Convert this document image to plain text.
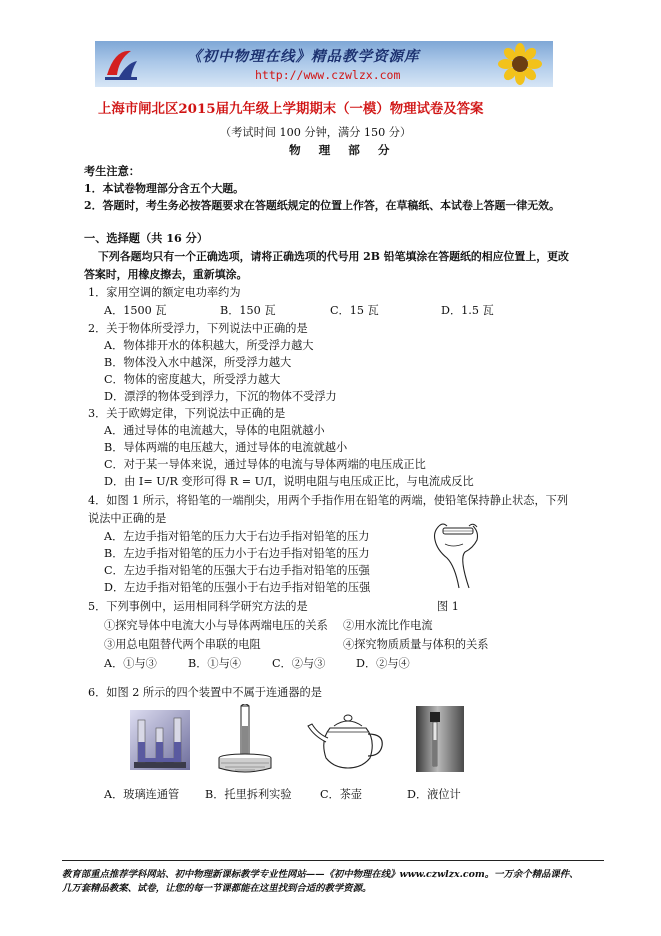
《初中物理在线》精品教学资源库
http://www.czwlzx.com
上海市闸北区2015届九年级上学期期末（一模）物理试卷及答案
（考试时间 100 分钟，满分 150 分）
物 理 部 分
考生注意：
1．本试卷物理部分含五个大题。
2．答题时，考生务必按答题要求在答题纸规定的位置上作答，在草稿纸、本试卷上答题一律无效。
一、选择题（共 16 分）
下列各题均只有一个正确选项，请将正确选项的代号用 2B 铅笔填涂在答题纸的相应位置上，更改
答案时，用橡皮擦去，重新填涂。
1．家用空调的额定电功率约为
A．1500 瓦	B．150 瓦	C．15 瓦	D．1.5 瓦
2．关于物体所受浮力，下列说法中正确的是
A．物体排开水的体积越大，所受浮力越大
B．物体没入水中越深，所受浮力越大
C．物体的密度越大，所受浮力越大
D．漂浮的物体受到浮力，下沉的物体不受浮力
3．关于欧姆定律，下列说法中正确的是
A．通过导体的电流越大，导体的电阻就越小
B．导体两端的电压越大，通过导体的电流就越小
C．对于某一导体来说，通过导体的电流与导体两端的电压成正比
D．由 I= U/R 变形可得 R = U/I，说明电阻与电压成正比，与电流成反比
4．如图 1 所示，将铅笔的一端削尖，用两个手指作用在铅笔的两端，使铅笔保持静止状态，下列
说法中正确的是
A．左边手指对铅笔的压力大于右边手指对铅笔的压力
B．左边手指对铅笔的压力小于右边手指对铅笔的压力
C．左边手指对铅笔的压强大于右边手指对铅笔的压强
D．左边手指对铅笔的压强小于右边手指对铅笔的压强
图 1
5．下列事例中，运用相同科学研究方法的是
①探究导体中电流大小与导体两端电压的关系 ②用水流比作电流
③用总电阻替代两个串联的电阻	④探究物质质量与体积的关系
A．①与③	B．①与④	C．②与③	D．②与④
6．如图 2 所示的四个装置中不属于连通器的是
A．玻璃连通管 B．托里拆利实验	C．茶壶	D．液位计
教育部重点推荐学科网站、初中物理新课标教学专业性网站——《初中物理在线》www.czwlzx.com。一万余个精品课件、
几万套精品教案、试卷，让您的每一节课都能在这里找到合适的教学资源。
